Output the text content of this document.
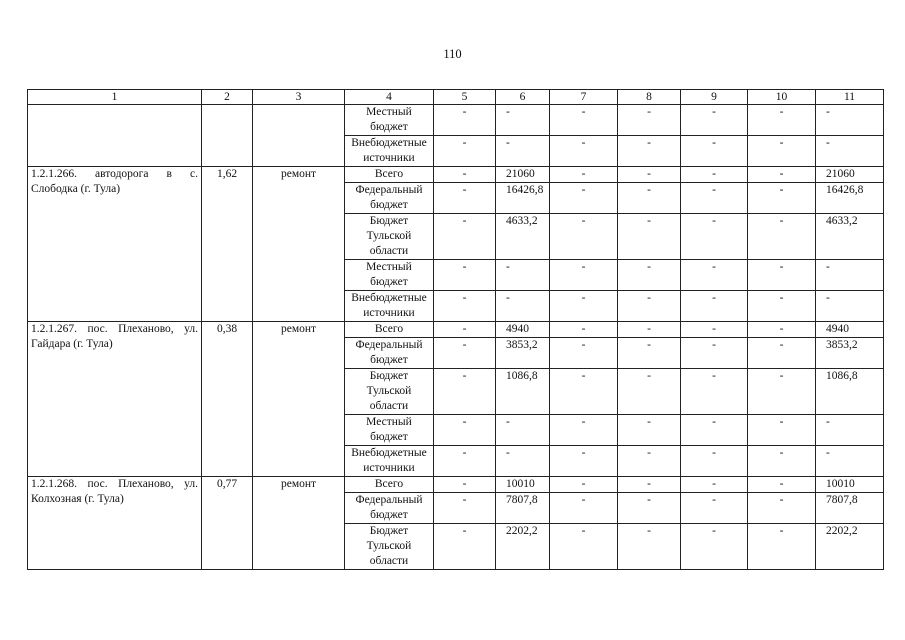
110
1	2	3	4	5	6	7	8	9	10	11
			Местный бюджет	-	-	-	-	-	-	-
			Внебюджетные источники	-	-	-	-	-	-	-
1.2.1.266. автодорога в с. Слободка (г. Тула)	1,62	ремонт	Всего	-	21060	-	-	-	-	21060
			Федеральный бюджет	-	16426,8	-	-	-	-	16426,8
			Бюджет Тульской области	-	4633,2	-	-	-	-	4633,2
			Местный бюджет	-	-	-	-	-	-	-
			Внебюджетные источники	-	-	-	-	-	-	-
1.2.1.267. пос. Плеханово, ул. Гайдара (г. Тула)	0,38	ремонт	Всего	-	4940	-	-	-	-	4940
			Федеральный бюджет	-	3853,2	-	-	-	-	3853,2
			Бюджет Тульской области	-	1086,8	-	-	-	-	1086,8
			Местный бюджет	-	-	-	-	-	-	-
			Внебюджетные источники	-	-	-	-	-	-	-
1.2.1.268. пос. Плеханово, ул. Колхозная (г. Тула)	0,77	ремонт	Всего	-	10010	-	-	-	-	10010
			Федеральный бюджет	-	7807,8	-	-	-	-	7807,8
			Бюджет Тульской области	-	2202,2	-	-	-	-	2202,2
